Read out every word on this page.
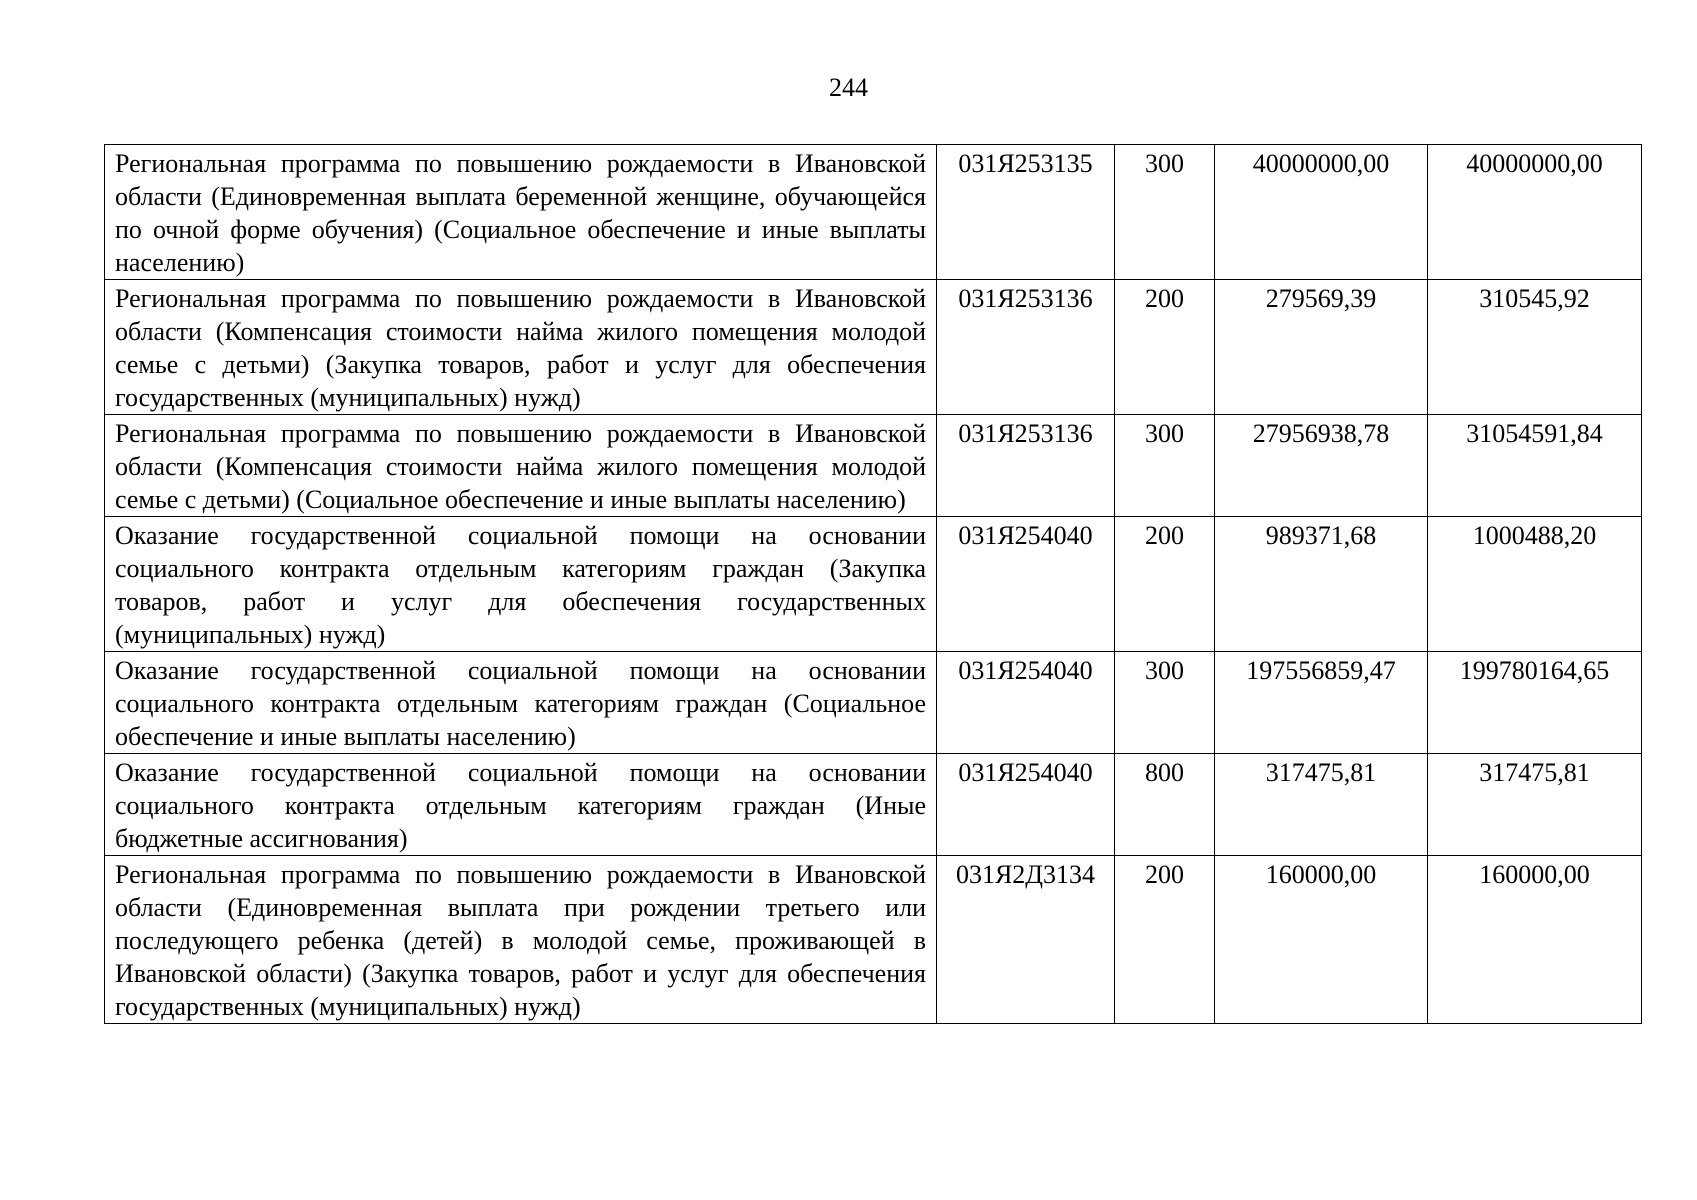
244
Региональная программа по повышению рождаемости в Ивановской области (Единовременная выплата беременной женщине, обучающейся по очной форме обучения) (Социальное обеспечение и иные выплаты населению)	031Я253135	300	40000000,00	40000000,00
Региональная программа по повышению рождаемости в Ивановской области (Компенсация стоимости найма жилого помещения молодой семье с детьми) (Закупка товаров, работ и услуг для обеспечения государственных (муниципальных) нужд)	031Я253136	200	279569,39	310545,92
Региональная программа по повышению рождаемости в Ивановской области (Компенсация стоимости найма жилого помещения молодой семье с детьми) (Социальное обеспечение и иные выплаты населению)	031Я253136	300	27956938,78	31054591,84
Оказание государственной социальной помощи на основании социального контракта отдельным категориям граждан (Закупка товаров, работ и услуг для обеспечения государственных (муниципальных) нужд)	031Я254040	200	989371,68	1000488,20
Оказание государственной социальной помощи на основании социального контракта отдельным категориям граждан (Социальное обеспечение и иные выплаты населению)	031Я254040	300	197556859,47	199780164,65
Оказание государственной социальной помощи на основании социального контракта отдельным категориям граждан (Иные бюджетные ассигнования)	031Я254040	800	317475,81	317475,81
Региональная программа по повышению рождаемости в Ивановской области (Единовременная выплата при рождении третьего или последующего ребенка (детей) в молодой семье, проживающей в Ивановской области) (Закупка товаров, работ и услуг для обеспечения государственных (муниципальных) нужд)	031Я2Д3134	200	160000,00	160000,00
